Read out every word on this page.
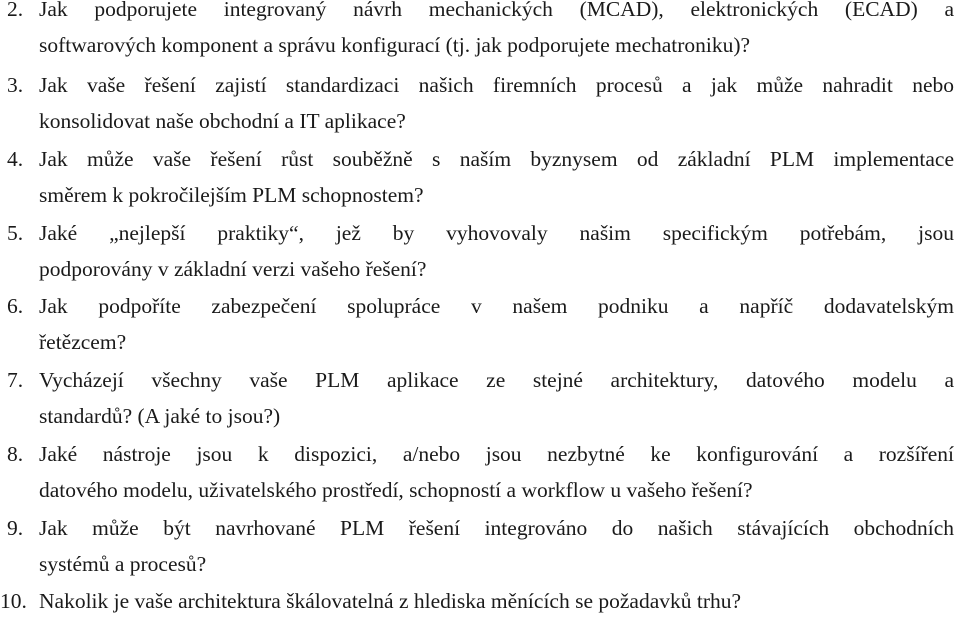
2. Jak podporujete integrovaný návrh mechanických (MCAD), elektronických (ECAD) a
softwarových komponent a správu konfigurací (tj. jak podporujete mechatroniku)?
3. Jak vaše řešení zajistí standardizaci našich firemních procesů a jak může nahradit nebo
konsolidovat naše obchodní a IT aplikace?
4. Jak může vaše řešení růst souběžně s naším byznysem od základní PLM implementace
směrem k pokročilejším PLM schopnostem?
5. Jaké „nejlepší praktiky“, jež by vyhovovaly našim specifickým potřebám, jsou
podporovány v základní verzi vašeho řešení?
6. Jak podpoříte zabezpečení spolupráce v našem podniku a napříč dodavatelským
řetězcem?
7. Vycházejí všechny vaše PLM aplikace ze stejné architektury, datového modelu a
standardů? (A jaké to jsou?)
8. Jaké nástroje jsou k dispozici, a/nebo jsou nezbytné ke konfigurování a rozšíření
datového modelu, uživatelského prostředí, schopností a workflow u vašeho řešení?
9. Jak může být navrhované PLM řešení integrováno do našich stávajících obchodních
systémů a procesů?
10. Nakolik je vaše architektura škálovatelná z hlediska měnících se požadavků trhu?
